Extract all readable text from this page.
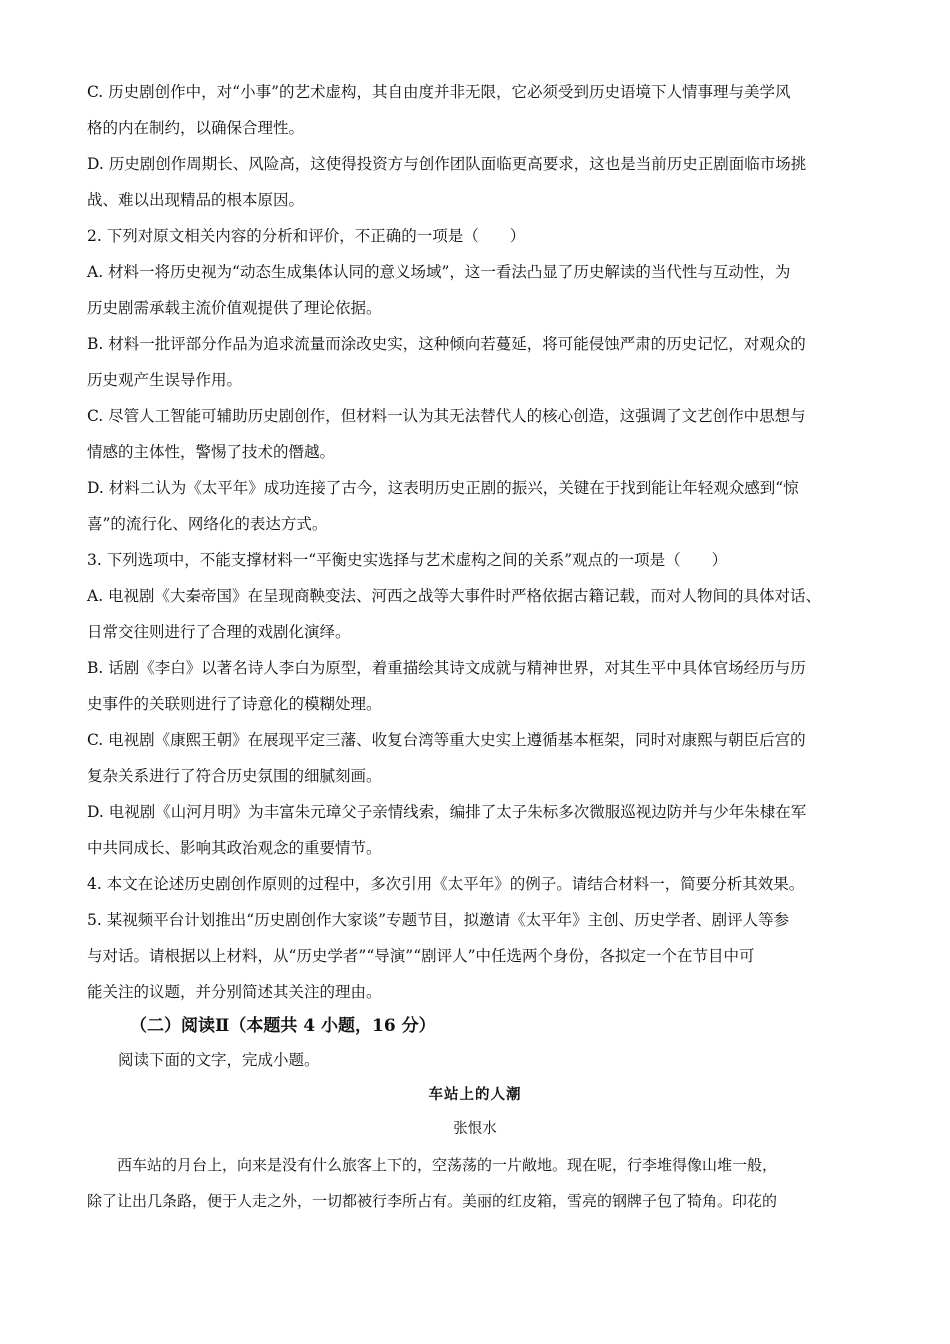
C. 历史剧创作中，对“小事”的艺术虚构，其自由度并非无限，它必须受到历史语境下人情事理与美学风
格的内在制约，以确保合理性。
D. 历史剧创作周期长、风险高，这使得投资方与创作团队面临更高要求，这也是当前历史正剧面临市场挑
战、难以出现精品的根本原因。
2. 下列对原文相关内容的分析和评价，不正确的一项是（　　）
A. 材料一将历史视为“动态生成集体认同的意义场域”，这一看法凸显了历史解读的当代性与互动性，为
历史剧需承载主流价值观提供了理论依据。
B. 材料一批评部分作品为追求流量而涂改史实，这种倾向若蔓延，将可能侵蚀严肃的历史记忆，对观众的
历史观产生误导作用。
C. 尽管人工智能可辅助历史剧创作，但材料一认为其无法替代人的核心创造，这强调了文艺创作中思想与
情感的主体性，警惕了技术的僭越。
D. 材料二认为《太平年》成功连接了古今，这表明历史正剧的振兴，关键在于找到能让年轻观众感到“惊
喜”的流行化、网络化的表达方式。
3. 下列选项中，不能支撑材料一“平衡史实选择与艺术虚构之间的关系”观点的一项是（　　）
A. 电视剧《大秦帝国》在呈现商鞅变法、河西之战等大事件时严格依据古籍记载，而对人物间的具体对话、
日常交往则进行了合理的戏剧化演绎。
B. 话剧《李白》以著名诗人李白为原型，着重描绘其诗文成就与精神世界，对其生平中具体官场经历与历
史事件的关联则进行了诗意化的模糊处理。
C. 电视剧《康熙王朝》在展现平定三藩、收复台湾等重大史实上遵循基本框架，同时对康熙与朝臣后宫的
复杂关系进行了符合历史氛围的细腻刻画。
D. 电视剧《山河月明》为丰富朱元璋父子亲情线索，编排了太子朱标多次微服巡视边防并与少年朱棣在军
中共同成长、影响其政治观念的重要情节。
4. 本文在论述历史剧创作原则的过程中，多次引用《太平年》的例子。请结合材料一，简要分析其效果。
5. 某视频平台计划推出“历史剧创作大家谈”专题节目，拟邀请《太平年》主创、历史学者、剧评人等参
与对话。请根据以上材料，从“历史学者”“导演”“剧评人”中任选两个身份，各拟定一个在节目中可
能关注的议题，并分别简述其关注的理由。
（二）阅读Ⅱ（本题共 4 小题，16 分）
阅读下面的文字，完成小题。
车站上的人潮
张恨水
　　西车站的月台上，向来是没有什么旅客上下的，空荡荡的一片敞地。现在呢，行李堆得像山堆一般，
除了让出几条路，便于人走之外，一切都被行李所占有。美丽的红皮箱，雪亮的钢牌子包了犄角。印花的
